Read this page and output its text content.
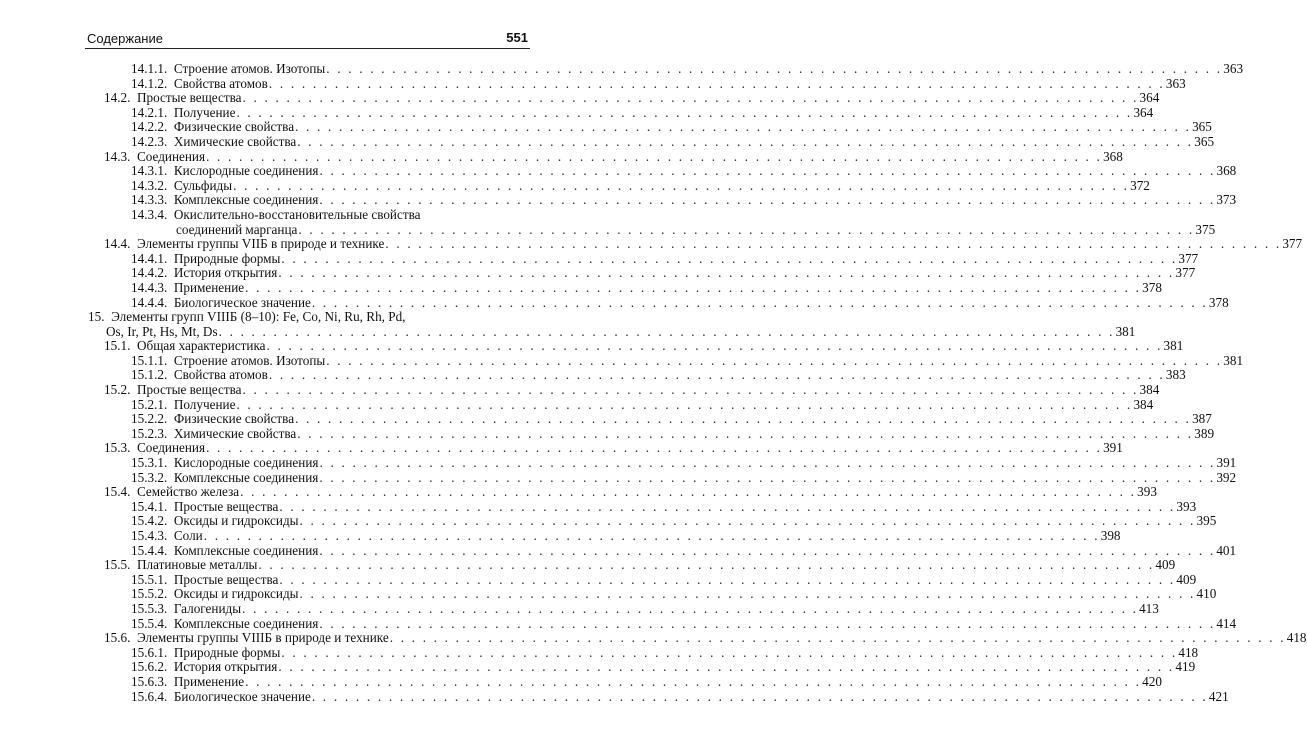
Содержание	551
14.1.1. Строение атомов. Изотопы . . . . . . . . . . . . . . . . . . . . . . . . . . . . . . . . . . . . . . . . . . . . . . . . . . . . . . . . . . . . . . . . . . . . . . . . . . . . . . . . . . 363
14.1.2. Свойства атомов . . . . . . . . . . . . . . . . . . . . . . . . . . . . . . . . . . . . . . . . . . . . . . . . . . . . . . . . . . . . . . . . . . . . . . . . . . . . . . . . . . 363
14.2. Простые вещества . . . . . . . . . . . . . . . . . . . . . . . . . . . . . . . . . . . . . . . . . . . . . . . . . . . . . . . . . . . . . . . . . . . . . . . . . . . . . . . . . . 364
14.2.1. Получение . . . . . . . . . . . . . . . . . . . . . . . . . . . . . . . . . . . . . . . . . . . . . . . . . . . . . . . . . . . . . . . . . . . . . . . . . . . . . . . . . . 364
14.2.2. Физические свойства . . . . . . . . . . . . . . . . . . . . . . . . . . . . . . . . . . . . . . . . . . . . . . . . . . . . . . . . . . . . . . . . . . . . . . . . . . . . . . . . . . 365
14.2.3. Химические свойства . . . . . . . . . . . . . . . . . . . . . . . . . . . . . . . . . . . . . . . . . . . . . . . . . . . . . . . . . . . . . . . . . . . . . . . . . . . . . . . . . . 365
14.3. Соединения . . . . . . . . . . . . . . . . . . . . . . . . . . . . . . . . . . . . . . . . . . . . . . . . . . . . . . . . . . . . . . . . . . . . . . . . . . . . . . . . . . 368
14.3.1. Кислородные соединения . . . . . . . . . . . . . . . . . . . . . . . . . . . . . . . . . . . . . . . . . . . . . . . . . . . . . . . . . . . . . . . . . . . . . . . . . . . . . . . . . . 368
14.3.2. Сульфиды . . . . . . . . . . . . . . . . . . . . . . . . . . . . . . . . . . . . . . . . . . . . . . . . . . . . . . . . . . . . . . . . . . . . . . . . . . . . . . . . . . 372
14.3.3. Комплексные соединения . . . . . . . . . . . . . . . . . . . . . . . . . . . . . . . . . . . . . . . . . . . . . . . . . . . . . . . . . . . . . . . . . . . . . . . . . . . . . . . . . . 373
14.3.4. Окислительно-восстановительные свойства
соединений марганца . . . . . . . . . . . . . . . . . . . . . . . . . . . . . . . . . . . . . . . . . . . . . . . . . . . . . . . . . . . . . . . . . . . . . . . . . . . . . . . . . . 375
14.4. Элементы группы VIIБ в природе и технике . . . . . . . . . . . . . . . . . . . . . . . . . . . . . . . . . . . . . . . . . . . . . . . . . . . . . . . . . . . . . . . . . . . . . . . . . . . . . . . . . . 377
14.4.1. Природные формы . . . . . . . . . . . . . . . . . . . . . . . . . . . . . . . . . . . . . . . . . . . . . . . . . . . . . . . . . . . . . . . . . . . . . . . . . . . . . . . . . . 377
14.4.2. История открытия . . . . . . . . . . . . . . . . . . . . . . . . . . . . . . . . . . . . . . . . . . . . . . . . . . . . . . . . . . . . . . . . . . . . . . . . . . . . . . . . . . 377
14.4.3. Применение . . . . . . . . . . . . . . . . . . . . . . . . . . . . . . . . . . . . . . . . . . . . . . . . . . . . . . . . . . . . . . . . . . . . . . . . . . . . . . . . . . 378
14.4.4. Биологическое значение . . . . . . . . . . . . . . . . . . . . . . . . . . . . . . . . . . . . . . . . . . . . . . . . . . . . . . . . . . . . . . . . . . . . . . . . . . . . . . . . . . 378
15. Элементы групп VIIIБ (8–10): Fe, Co, Ni, Ru, Rh, Pd,
Os, Ir, Pt, Hs, Mt, Ds . . . . . . . . . . . . . . . . . . . . . . . . . . . . . . . . . . . . . . . . . . . . . . . . . . . . . . . . . . . . . . . . . . . . . . . . . . . . . . . . . . 381
15.1. Общая характеристика . . . . . . . . . . . . . . . . . . . . . . . . . . . . . . . . . . . . . . . . . . . . . . . . . . . . . . . . . . . . . . . . . . . . . . . . . . . . . . . . . . 381
15.1.1. Строение атомов. Изотопы . . . . . . . . . . . . . . . . . . . . . . . . . . . . . . . . . . . . . . . . . . . . . . . . . . . . . . . . . . . . . . . . . . . . . . . . . . . . . . . . . . 381
15.1.2. Свойства атомов . . . . . . . . . . . . . . . . . . . . . . . . . . . . . . . . . . . . . . . . . . . . . . . . . . . . . . . . . . . . . . . . . . . . . . . . . . . . . . . . . . 383
15.2. Простые вещества . . . . . . . . . . . . . . . . . . . . . . . . . . . . . . . . . . . . . . . . . . . . . . . . . . . . . . . . . . . . . . . . . . . . . . . . . . . . . . . . . . 384
15.2.1. Получение . . . . . . . . . . . . . . . . . . . . . . . . . . . . . . . . . . . . . . . . . . . . . . . . . . . . . . . . . . . . . . . . . . . . . . . . . . . . . . . . . . 384
15.2.2. Физические свойства . . . . . . . . . . . . . . . . . . . . . . . . . . . . . . . . . . . . . . . . . . . . . . . . . . . . . . . . . . . . . . . . . . . . . . . . . . . . . . . . . . 387
15.2.3. Химические свойства . . . . . . . . . . . . . . . . . . . . . . . . . . . . . . . . . . . . . . . . . . . . . . . . . . . . . . . . . . . . . . . . . . . . . . . . . . . . . . . . . . 389
15.3. Соединения . . . . . . . . . . . . . . . . . . . . . . . . . . . . . . . . . . . . . . . . . . . . . . . . . . . . . . . . . . . . . . . . . . . . . . . . . . . . . . . . . . 391
15.3.1. Кислородные соединения . . . . . . . . . . . . . . . . . . . . . . . . . . . . . . . . . . . . . . . . . . . . . . . . . . . . . . . . . . . . . . . . . . . . . . . . . . . . . . . . . . 391
15.3.2. Комплексные соединения . . . . . . . . . . . . . . . . . . . . . . . . . . . . . . . . . . . . . . . . . . . . . . . . . . . . . . . . . . . . . . . . . . . . . . . . . . . . . . . . . . 392
15.4. Семейство железа . . . . . . . . . . . . . . . . . . . . . . . . . . . . . . . . . . . . . . . . . . . . . . . . . . . . . . . . . . . . . . . . . . . . . . . . . . . . . . . . . . 393
15.4.1. Простые вещества . . . . . . . . . . . . . . . . . . . . . . . . . . . . . . . . . . . . . . . . . . . . . . . . . . . . . . . . . . . . . . . . . . . . . . . . . . . . . . . . . . 393
15.4.2. Оксиды и гидроксиды . . . . . . . . . . . . . . . . . . . . . . . . . . . . . . . . . . . . . . . . . . . . . . . . . . . . . . . . . . . . . . . . . . . . . . . . . . . . . . . . . . 395
15.4.3. Соли . . . . . . . . . . . . . . . . . . . . . . . . . . . . . . . . . . . . . . . . . . . . . . . . . . . . . . . . . . . . . . . . . . . . . . . . . . . . . . . . . . 398
15.4.4. Комплексные соединения . . . . . . . . . . . . . . . . . . . . . . . . . . . . . . . . . . . . . . . . . . . . . . . . . . . . . . . . . . . . . . . . . . . . . . . . . . . . . . . . . . 401
15.5. Платиновые металлы . . . . . . . . . . . . . . . . . . . . . . . . . . . . . . . . . . . . . . . . . . . . . . . . . . . . . . . . . . . . . . . . . . . . . . . . . . . . . . . . . . 409
15.5.1. Простые вещества . . . . . . . . . . . . . . . . . . . . . . . . . . . . . . . . . . . . . . . . . . . . . . . . . . . . . . . . . . . . . . . . . . . . . . . . . . . . . . . . . . 409
15.5.2. Оксиды и гидроксиды . . . . . . . . . . . . . . . . . . . . . . . . . . . . . . . . . . . . . . . . . . . . . . . . . . . . . . . . . . . . . . . . . . . . . . . . . . . . . . . . . . 410
15.5.3. Галогениды . . . . . . . . . . . . . . . . . . . . . . . . . . . . . . . . . . . . . . . . . . . . . . . . . . . . . . . . . . . . . . . . . . . . . . . . . . . . . . . . . . 413
15.5.4. Комплексные соединения . . . . . . . . . . . . . . . . . . . . . . . . . . . . . . . . . . . . . . . . . . . . . . . . . . . . . . . . . . . . . . . . . . . . . . . . . . . . . . . . . . 414
15.6. Элементы группы VIIIБ в природе и технике . . . . . . . . . . . . . . . . . . . . . . . . . . . . . . . . . . . . . . . . . . . . . . . . . . . . . . . . . . . . . . . . . . . . . . . . . . . . . . . . . . 418
15.6.1. Природные формы . . . . . . . . . . . . . . . . . . . . . . . . . . . . . . . . . . . . . . . . . . . . . . . . . . . . . . . . . . . . . . . . . . . . . . . . . . . . . . . . . . 418
15.6.2. История открытия . . . . . . . . . . . . . . . . . . . . . . . . . . . . . . . . . . . . . . . . . . . . . . . . . . . . . . . . . . . . . . . . . . . . . . . . . . . . . . . . . . 419
15.6.3. Применение . . . . . . . . . . . . . . . . . . . . . . . . . . . . . . . . . . . . . . . . . . . . . . . . . . . . . . . . . . . . . . . . . . . . . . . . . . . . . . . . . . 420
15.6.4. Биологическое значение . . . . . . . . . . . . . . . . . . . . . . . . . . . . . . . . . . . . . . . . . . . . . . . . . . . . . . . . . . . . . . . . . . . . . . . . . . . . . . . . . . 421
